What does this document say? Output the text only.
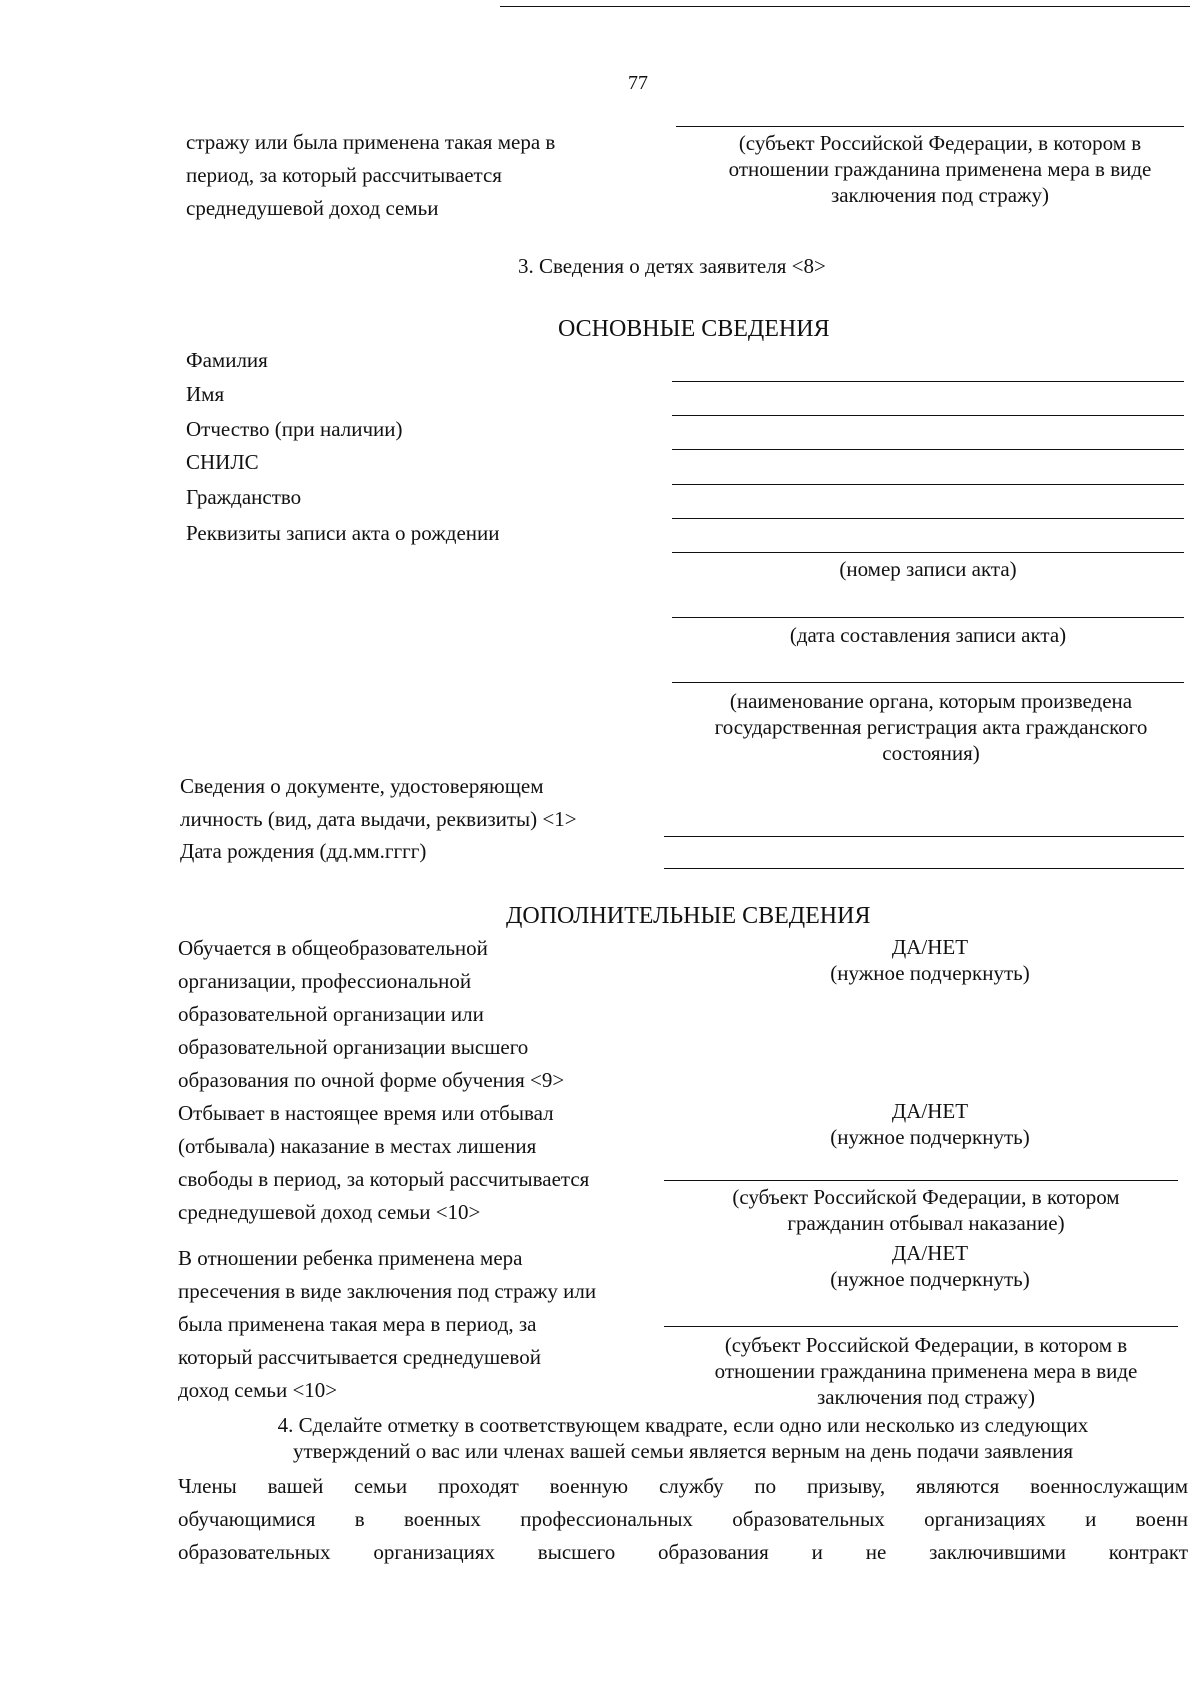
77
стражу или была применена такая мера в
период, за который рассчитывается
среднедушевой доход семьи
(субъект Российской Федерации, в котором в
отношении гражданина применена мера в виде
заключения под стражу)
3. Сведения о детях заявителя <8>
ОСНОВНЫЕ СВЕДЕНИЯ
Фамилия
Имя
Отчество (при наличии)
СНИЛС
Гражданство
Реквизиты записи акта о рождении
(номер записи акта)
(дата составления записи акта)
(наименование органа, которым произведена
государственная регистрация акта гражданского
состояния)
Сведения о документе, удостоверяющем
личность (вид, дата выдачи, реквизиты) <1>
Дата рождения (дд.мм.гггг)
ДОПОЛНИТЕЛЬНЫЕ СВЕДЕНИЯ
Обучается в общеобразовательной
организации, профессиональной
образовательной организации или
образовательной организации высшего
образования по очной форме обучения <9>
ДА/НЕТ
(нужное подчеркнуть)
Отбывает в настоящее время или отбывал
(отбывала) наказание в местах лишения
свободы в период, за который рассчитывается
среднедушевой доход семьи <10>
ДА/НЕТ
(нужное подчеркнуть)
(субъект Российской Федерации, в котором
гражданин отбывал наказание)
ДА/НЕТ
(нужное подчеркнуть)
В отношении ребенка применена мера
пресечения в виде заключения под стражу или
была применена такая мера в период, за
который рассчитывается среднедушевой
доход семьи <10>
(субъект Российской Федерации, в котором в
отношении гражданина применена мера в виде
заключения под стражу)
4. Сделайте отметку в соответствующем квадрате, если одно или несколько из следующих
утверждений о вас или членах вашей семьи является верным на день подачи заявления
Члены вашей семьи проходят военную службу по призыву, являются военнослужащим
обучающимися в военных профессиональных образовательных организациях и военн
образовательных организациях высшего образования и не заключившими контракт
